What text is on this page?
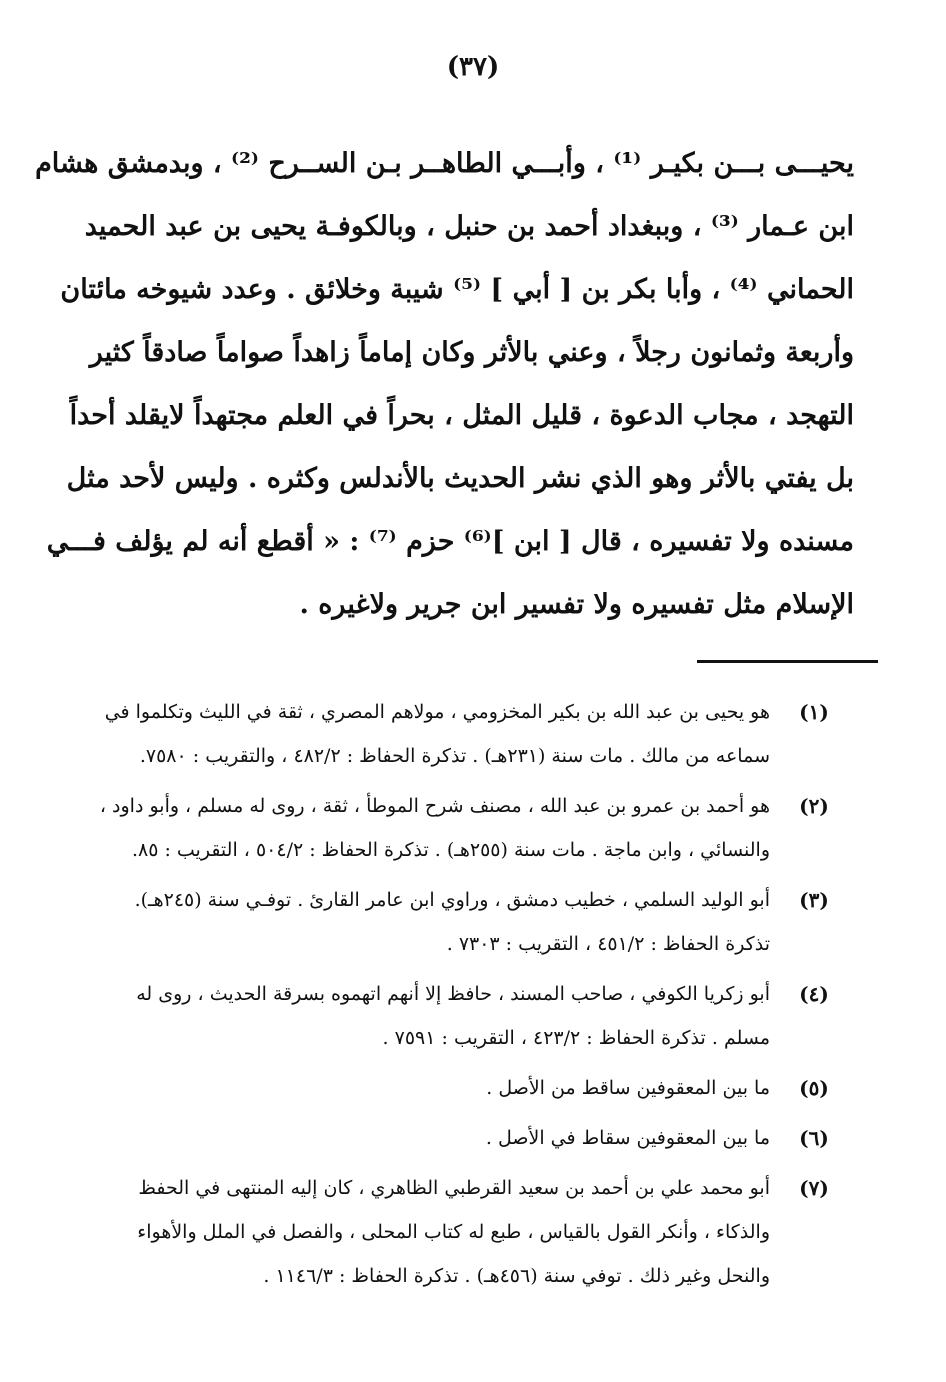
(٣٧)
يحيـــى بـــن بكيـر ⁽¹⁾ ، وأبـــي الطاهــر بـن الســرح ⁽²⁾ ، وبدمشق هشام
ابن عـمار ⁽³⁾ ، وببغداد أحمد بن حنبل ، وبالكوفـة يحيى بن عبد الحميد
الحماني ⁽⁴⁾ ، وأبا بكر بن [ أبي ] ⁽⁵⁾ شيبة وخلائق . وعدد شيوخه مائتان
وأربعة وثمانون رجلاً ، وعني بالأثر وكان إماماً زاهداً صواماً صادقاً كثير
التهجد ، مجاب الدعوة ، قليل المثل ، بحراً في العلم مجتهداً لايقلد أحداً
بل يفتي بالأثر وهو الذي نشر الحديث بالأندلس وكثره . وليس لأحد مثل
مسنده ولا تفسيره ، قال [ ابن ]⁽⁶⁾ حزم ⁽⁷⁾ : « أقطع أنه لم يؤلف فـــي
الإسلام مثل تفسيره ولا تفسير ابن جرير ولاغيره .
(١)
هو يحيى بن عبد الله بن بكير المخزومي ، مولاهم المصري ، ثقة في الليث وتكلموا في
سماعه من مالك . مات سنة (٢٣١هـ) . تذكرة الحفاظ : ٤٨٢/٢ ، والتقريب : ٧٥٨٠.
(٢)
هو أحمد بن عمرو بن عبد الله ، مصنف شرح الموطأ ، ثقة ، روى له مسلم ، وأبو داود ،
والنسائي ، وابن ماجة . مات سنة (٢٥٥هـ) . تذكرة الحفاظ : ٥٠٤/٢ ، التقريب : ٨٥.
(٣)
أبو الوليد السلمي ، خطيب دمشق ، وراوي ابن عامر القارئ . توفـي سنة (٢٤٥هـ).
تذكرة الحفاظ : ٤٥١/٢ ، التقريب : ٧٣٠٣ .
(٤)
أبو زكريا الكوفي ، صاحب المسند ، حافظ إلا أنهم اتهموه بسرقة الحديث ، روى له
مسلم . تذكرة الحفاظ : ٤٢٣/٢ ، التقريب : ٧٥٩١ .
(٥)
ما بين المعقوفين ساقط من الأصل .
(٦)
ما بين المعقوفين سقاط في الأصل .
(٧)
أبو محمد علي بن أحمد بن سعيد القرطبي الظاهري ، كان إليه المنتهى في الحفظ
والذكاء ، وأنكر القول بالقياس ، طبع له كتاب المحلى ، والفصل في الملل والأهواء
والنحل وغير ذلك . توفي سنة (٤٥٦هـ) . تذكرة الحفاظ : ١١٤٦/٣ .
